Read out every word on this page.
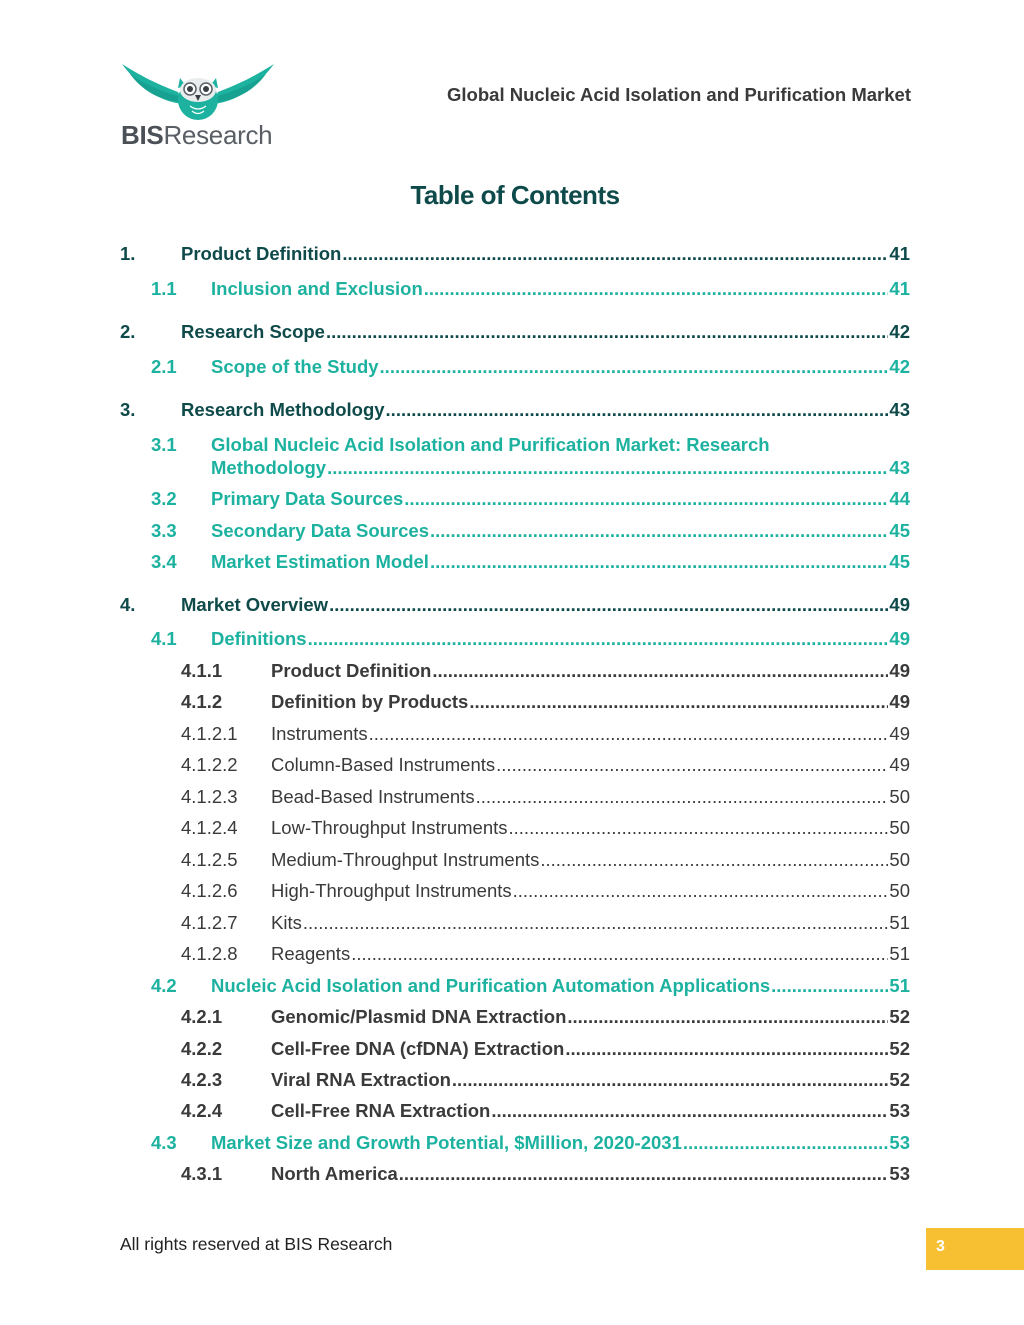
BISResearch
Global Nucleic Acid Isolation and Purification Market
Table of Contents
1.	Product Definition .....	41
1.1	Inclusion and Exclusion .....	41
2.	Research Scope .....	42
2.1	Scope of the Study .....	42
3.	Research Methodology .....	43
3.1 Global Nucleic Acid Isolation and Purification Market: Research
Methodology .....	43
3.2	Primary Data Sources .....	44
3.3	Secondary Data Sources .....	45
3.4	Market Estimation Model .....	45
4.	Market Overview .....	49
4.1	Definitions .....	49
4.1.1	Product Definition .....	49
4.1.2	Definition by Products .....	49
4.1.2.1	Instruments .....	49
4.1.2.2	Column-Based Instruments .....	49
4.1.2.3	Bead-Based Instruments .....	50
4.1.2.4	Low-Throughput Instruments .....	50
4.1.2.5	Medium-Throughput Instruments .....	50
4.1.2.6	High-Throughput Instruments .....	50
4.1.2.7	Kits .....	51
4.1.2.8	Reagents .....	51
4.2	Nucleic Acid Isolation and Purification Automation Applications .....	51
4.2.1	Genomic/Plasmid DNA Extraction .....	52
4.2.2	Cell-Free DNA (cfDNA) Extraction .....	52
4.2.3	Viral RNA Extraction .....	52
4.2.4	Cell-Free RNA Extraction .....	53
4.3	Market Size and Growth Potential, $Million, 2020-2031 .....	53
4.3.1	North America .....	53
All rights reserved at BIS Research	3
